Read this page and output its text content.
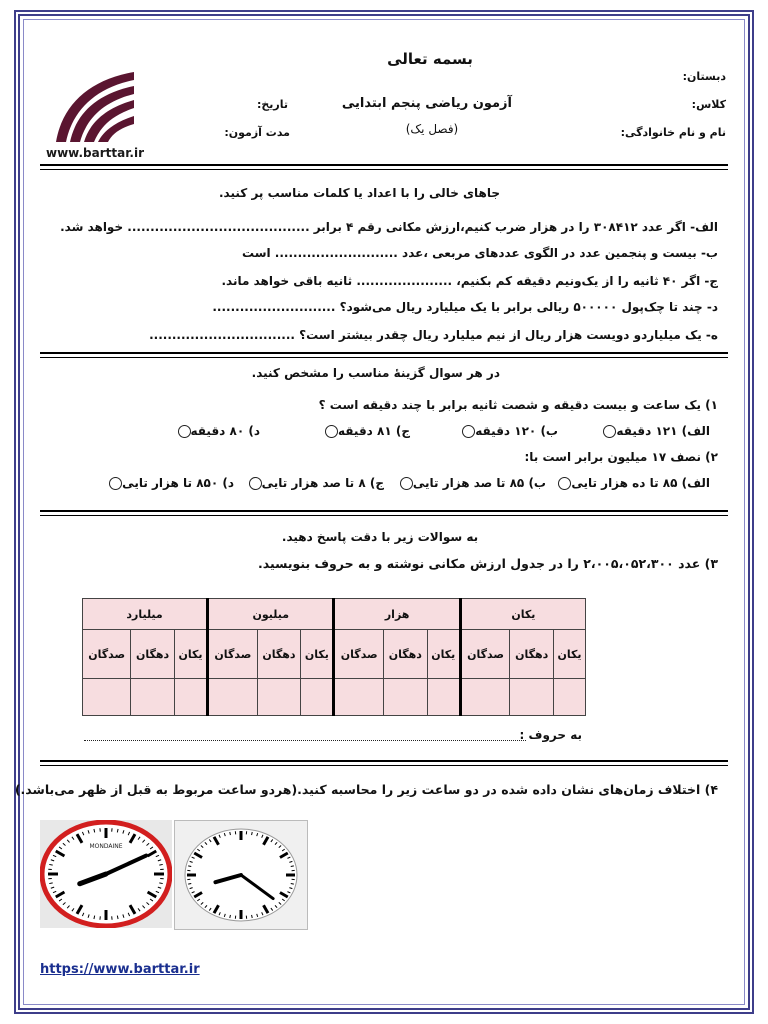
www.barttar.ir
بسمه تعالی
دبستان:
کلاس:
نام و نام خانوادگی:
آزمون ریاضی پنجم ابتدایی
(فصل یک)
تاریخ:
مدت آزمون:
جاهای خالی را با اعداد یا کلمات مناسب پر کنید.
الف- اگر عدد ۳۰۸۴۱۲ را در هزار ضرب کنیم،ارزش مکانی رقم ۴ برابر ........................................ خواهد شد.
ب- بیست و پنجمین عدد در الگوی عددهای مربعی ،عدد ........................... است
ج- اگر ۴۰ ثانیه را از یک‌ونیم دقیقه کم بکنیم، ..................... ثانیه باقی خواهد ماند.
د- چند تا چک‌پول ۵۰۰۰۰۰ ریالی برابر با یک میلیارد ریال می‌شود؟ ...........................
ه- یک میلیاردو دویست هزار ریال از نیم میلیارد ریال چقدر بیشتر است؟ ................................
در هر سوال گزینهٔ مناسب را مشخص کنید.
۱) یک ساعت و بیست دقیقه و شصت ثانیه برابر با چند دقیقه است ؟
الف) ۱۲۱ دقیقه
ب) ۱۲۰ دقیقه
ج) ۸۱ دقیقه
د) ۸۰ دقیقه
۲) نصف ۱۷ میلیون برابر است با:
الف) ۸۵ تا ده هزار تایی
ب) ۸۵ تا صد هزار تایی
ج) ۸ تا صد هزار تایی
د) ۸۵۰ تا هزار تایی
به سوالات زیر با دقت پاسخ دهید.
۳) عدد ۲،۰۰۵،۰۵۲،۳۰۰ را در جدول ارزش مکانی نوشته و به حروف بنویسید.
میلیارد			میلیون			هزار			یکان		
صدگان	دهگان	یکان	صدگان	دهگان	یکان	صدگان	دهگان	یکان	صدگان	دهگان	یکان

به حروف :
۴) اختلاف زمان‌های نشان داده شده در دو ساعت زیر را محاسبه کنید.(هردو ساعت مربوط به قبل از ظهر می‌باشد.)
MONDAINE
https://www.barttar.ir
